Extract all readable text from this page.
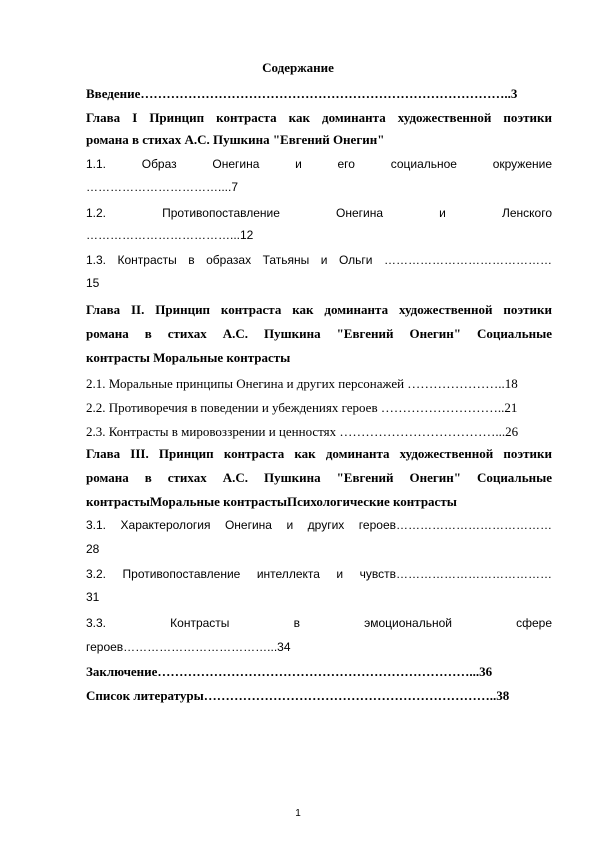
Содержание
Введение…………………………………………………………………………..3
Глава I Принцип контраста как доминанта художественной поэтики
романа в стихах А.С. Пушкина "Евгений Онегин"
1.1. Образ Онегина и его социальное окружение
……………………………....7
1.2. Противопоставление Онегина и Ленского
………………………………...12
1.3. Контрасты в образах Татьяны и Ольги ……………………………………
15
Глава II. Принцип контраста как доминанта художественной поэтики
романа в стихах А.С. Пушкина "Евгений Онегин" Социальные
контрасты Моральные контрасты
2.1. Моральные принципы Онегина и других персонажей …………………..18
2.2. Противоречия в поведении и убеждениях героев ………………………..21
2.3. Контрасты в мировоззрении и ценностях ………………………………...26
Глава III. Принцип контраста как доминанта художественной поэтики
романа в стихах А.С. Пушкина "Евгений Онегин" Социальные
контрастыМоральные контрастыПсихологические контрасты
3.1. Характерология Онегина и других героев…………………………………
28
3.2. Противопоставление интеллекта и чувств…………………………………
31
3.3. Контрасты в эмоциональной сфере
героев………………………………...34
Заключение………………………………………………………………...36
Список литературы…………………………………………………………..38
1
